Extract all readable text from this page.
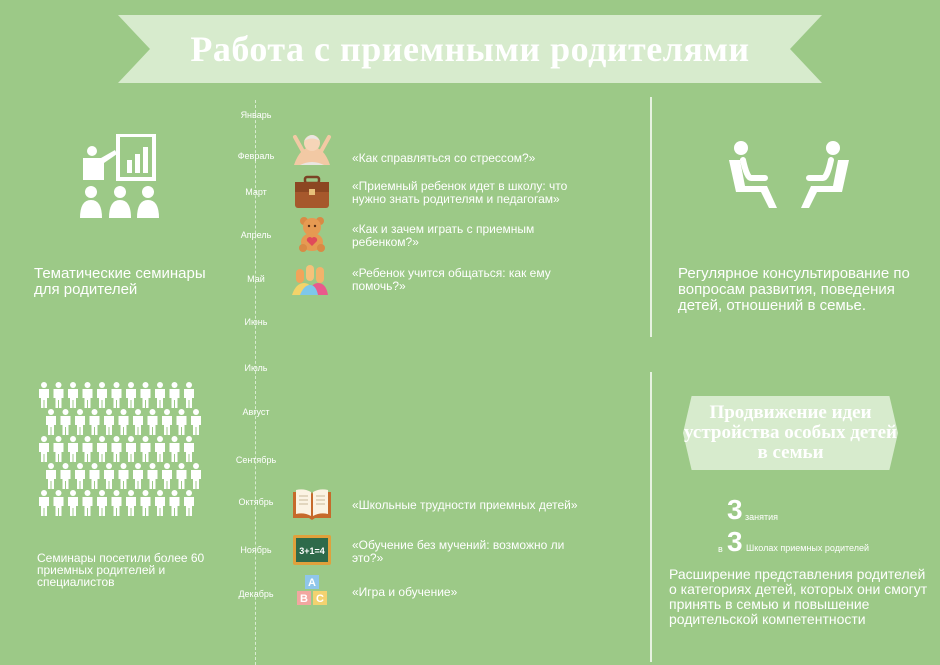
Работа с приемными родителями
Тематические семинары для родителей
Семинары посетили более 60 приемных родителей и специалистов
Январь
Февраль
Март
Апрель
Май
Июнь
Июль
Август
Сентябрь
Октябрь
Ноябрь
Декабрь
3+1=4
A
B C
«Как справляться со стрессом?»
«Приемный ребенок идет в школу: что нужно знать родителям и педагогам»
«Как и зачем играть с приемным ребенком?»
«Ребенок учится общаться: как ему помочь?»
«Школьные трудности приемных детей»
«Обучение без мучений: возможно ли это?»
«Игра и обучение»
Регулярное консультирование по вопросам развития, поведения детей, отношений в семье.
Продвижение идеи устройства особых детей в семьи
3 занятия
в 3 Школах приемных родителей
Расширение представления родителей о категориях детей, которых они смогут принять в семью и повышение родительской компетентности
